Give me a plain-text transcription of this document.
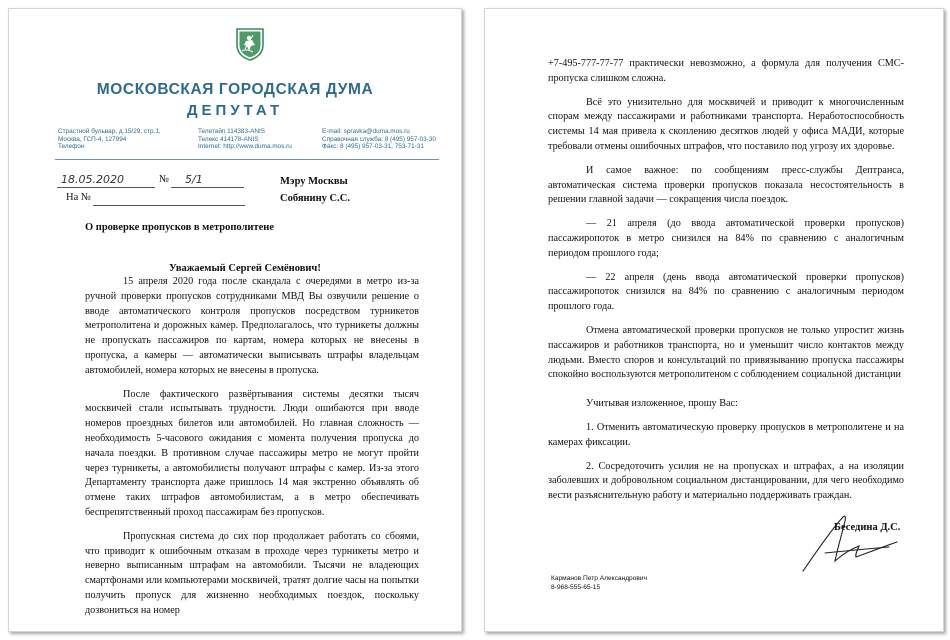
МОСКОВСКАЯ ГОРОДСКАЯ ДУМА
ДЕПУТАТ
Страстной бульвар, д.15/29, стр.1,
Москва, ГСП-4, 127994
Телефон
Телетайп 114383-ANIS
Телекс 414178-ANIS
Internet: http://www.duma.mos.ru
E-mail: spravka@duma.mos.ru
Справочная служба: 8 (495) 957-03-30
Факс: 8 (495) 957-03-31, 753-71-31
18.05.2020	№ 5/1
На №
Мэру Москвы
Собянину С.С.

О проверке пропусков в метрополитене

Уважаемый Сергей Семёнович!

15 апреля 2020 года после скандала с очередями в метро из-за ручной проверки пропусков сотрудниками МВД Вы озвучили решение о вводе автоматического контроля пропусков посредством турникетов метрополитена и дорожных камер. Предполагалось, что турникеты должны не пропускать пассажиров по картам, номера которых не внесены в пропуска, а камеры — автоматически выписывать штрафы владельцам автомобилей, номера которых не внесены в пропуска.

После фактического развёртывания системы десятки тысяч москвичей стали испытывать трудности. Люди ошибаются при вводе номеров проездных билетов или автомобилей. Но главная сложность — необходимость 5-часового ожидания с момента получения пропуска до начала поездки. В противном случае пассажиры метро не могут пройти через турникеты, а автомобилисты получают штрафы с камер. Из-за этого Департаменту транспорта даже пришлось 14 мая экстренно объявлять об отмене таких штрафов автомобилистам, а в метро обеспечивать беспрепятственный проход пассажирам без пропусков.

Пропускная система до сих пор продолжает работать со сбоями, что приводит к ошибочным отказам в проходе через турникеты метро и неверно выписанным штрафам на автомобили. Тысячи не владеющих смартфонами или компьютерами москвичей, тратят долгие часы на попытки получить пропуск для жизненно необходимых поездок, поскольку дозвониться на номер

+7-495-777-77-77 практически невозможно, а формула для получения СМС-пропуска слишком сложна.

Всё это унизительно для москвичей и приводит к многочисленным спорам между пассажирами и работниками транспорта. Неработоспособность системы 14 мая привела к скоплению десятков людей у офиса МАДИ, которые требовали отмены ошибочных штрафов, что поставило под угрозу их здоровье.

И самое важное: по сообщениям пресс-службы Дептранса, автоматическая система проверки пропусков показала несостоятельность в решении главной задачи — сокращения числа поездок.

— 21 апреля (до ввода автоматической проверки пропусков) пассажиропоток в метро снизился на 84% по сравнению с аналогичным периодом прошлого года;

— 22 апреля (день ввода автоматической проверки пропусков) пассажиропоток снизился на 84% по сравнению с аналогичным периодом прошлого года.

Отмена автоматической проверки пропусков не только упростит жизнь пассажиров и работников транспорта, но и уменьшит число контактов между людьми. Вместо споров и консультаций по привязыванию пропуска пассажиры спокойно воспользуются метрополитеном с соблюдением социальной дистанции

Учитывая изложенное, прошу Вас:

1. Отменить автоматическую проверку пропусков в метрополитене и на камерах фиксации.

2. Сосредоточить усилия не на пропусках и штрафах, а на изоляции заболевших и добровольном социальном дистанцировании, для чего необходимо вести разъяснительную работу и материально поддерживать граждан.

Беседина Д.С.

Карманов Петр Александрович
8-968-555-65-15
